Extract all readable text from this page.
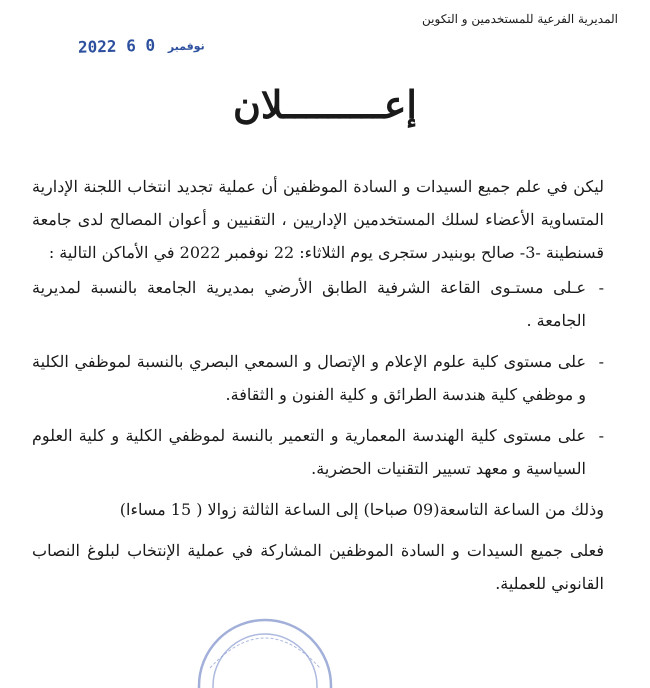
المديرية الفرعية للمستخدمين و التكوين
2022	نوفمبر 0 6
إعـــــــــلان

ليكن في علم جميع السيدات و السادة الموظفين أن عملية تجديد انتخاب اللجنة الإدارية المتساوية الأعضاء لسلك المستخدمين الإداريين ، التقنيين و أعوان المصالح لدى جامعة قسنطينة -3- صالح بوبنيدر ستجرى يوم الثلاثاء: 22 نوفمبر 2022 في الأماكن التالية :

- عـلى مستـوى القاعة الشرفية الطابق الأرضي بمديرية الجامعة بالنسبة لمديرية الجامعة .
- على مستوى كلية علوم الإعلام و الإتصال و السمعي البصري بالنسبة لموظفي الكلية و موظفي كلية هندسة الطرائق و كلية الفنون و الثقافة.
- على مستوى كلية الهندسة المعمارية و التعمير بالنسة لموظفي الكلية و كلية العلوم السياسية و معهد تسيير التقنيات الحضرية.

وذلك من الساعة التاسعة(09 صباحا) إلى الساعة الثالثة زوالا ( 15 مساءا)

فعلى جميع السيدات و السادة الموظفين المشاركة في عملية الإنتخاب لبلوغ النصاب القانوني للعملية.
